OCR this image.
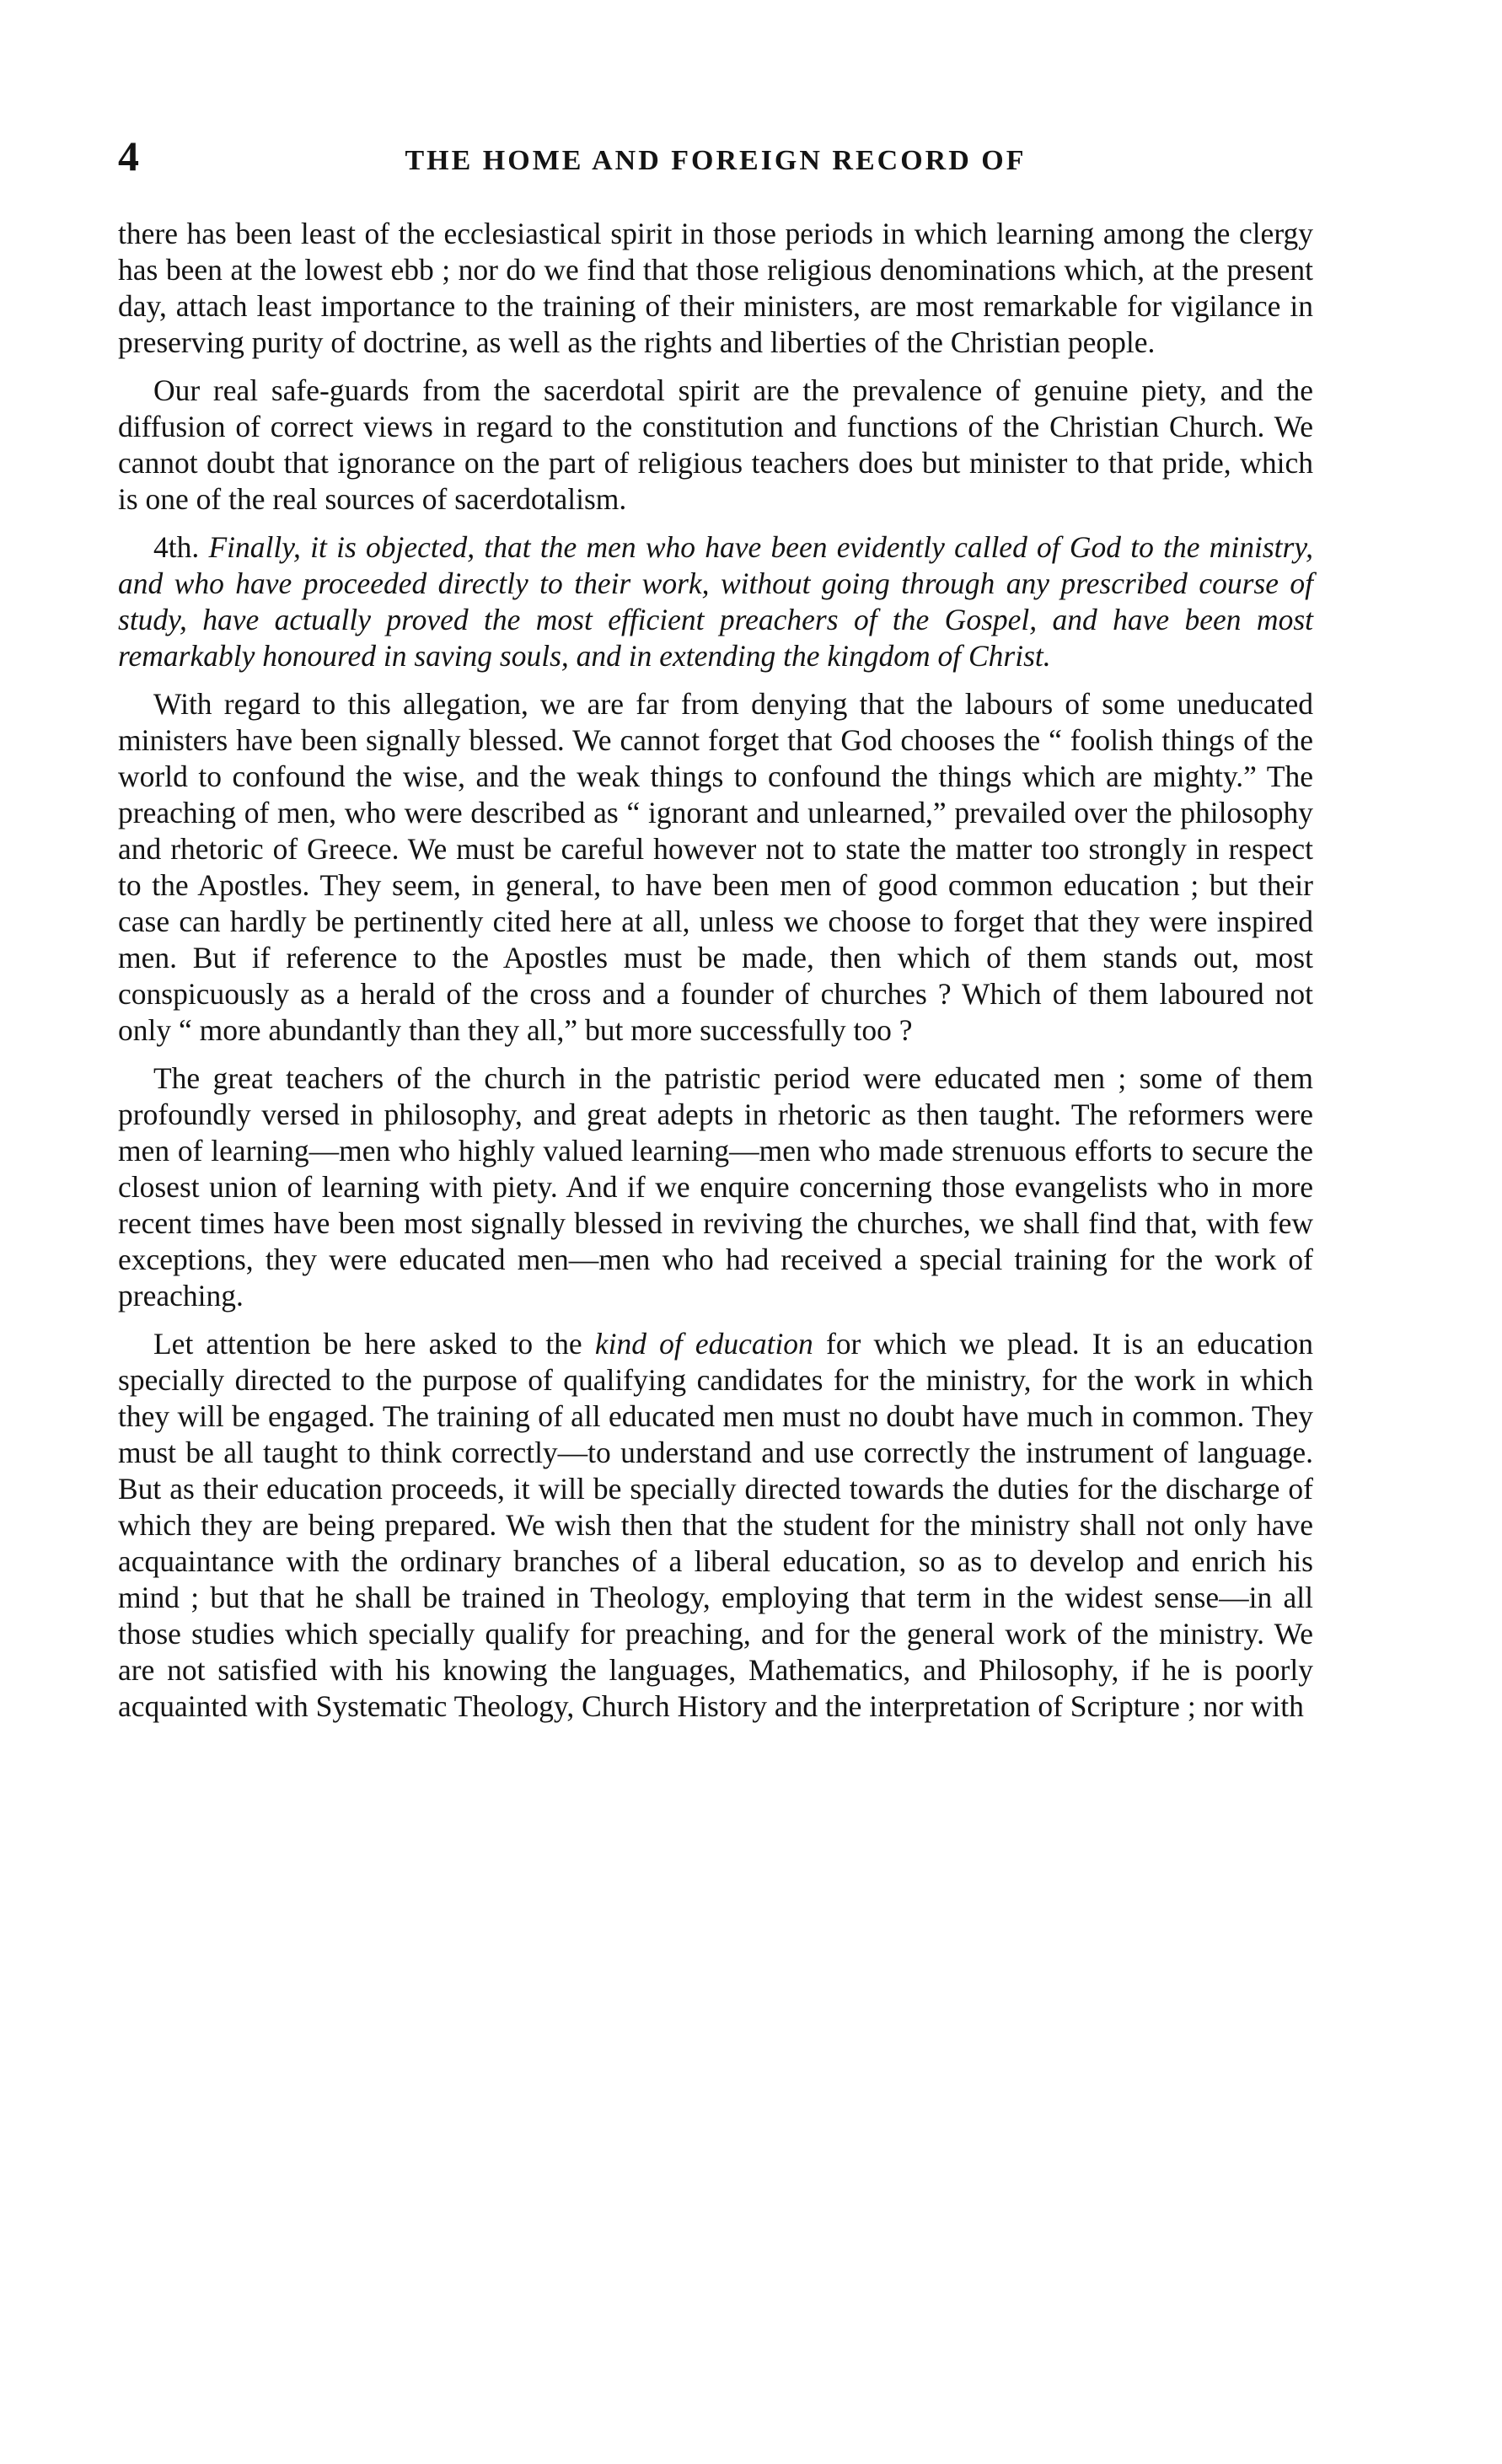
4	THE HOME AND FOREIGN RECORD OF

there has been least of the ecclesiastical spirit in those periods in which learning among the clergy has been at the lowest ebb ; nor do we find that those religious denominations which, at the present day, attach least importance to the training of their ministers, are most remarkable for vigilance in preserving purity of doctrine, as well as the rights and liberties of the Christian people.

Our real safe-guards from the sacerdotal spirit are the prevalence of genuine piety, and the diffusion of correct views in regard to the constitution and functions of the Christian Church. We cannot doubt that ignorance on the part of religious teachers does but minister to that pride, which is one of the real sources of sacerdotalism.

4th. Finally, it is objected, that the men who have been evidently called of God to the ministry, and who have proceeded directly to their work, without going through any prescribed course of study, have actually proved the most efficient preachers of the Gospel, and have been most remarkably honoured in saving souls, and in extending the kingdom of Christ.

With regard to this allegation, we are far from denying that the labours of some uneducated ministers have been signally blessed. We cannot forget that God chooses the “ foolish things of the world to confound the wise, and the weak things to confound the things which are mighty.” The preaching of men, who were described as “ ignorant and unlearned,” prevailed over the philosophy and rhetoric of Greece. We must be careful however not to state the matter too strongly in respect to the Apostles. They seem, in general, to have been men of good common education ; but their case can hardly be pertinently cited here at all, unless we choose to forget that they were inspired men. But if reference to the Apostles must be made, then which of them stands out, most conspicuously as a herald of the cross and a founder of churches ? Which of them laboured not only “ more abundantly than they all,” but more successfully too ?

The great teachers of the church in the patristic period were educated men ; some of them profoundly versed in philosophy, and great adepts in rhetoric as then taught. The reformers were men of learning—men who highly valued learning—men who made strenuous efforts to secure the closest union of learning with piety. And if we enquire concerning those evangelists who in more recent times have been most signally blessed in reviving the churches, we shall find that, with few exceptions, they were educated men—men who had received a special training for the work of preaching.

Let attention be here asked to the kind of education for which we plead. It is an education specially directed to the purpose of qualifying candidates for the ministry, for the work in which they will be engaged. The training of all educated men must no doubt have much in common. They must be all taught to think correctly—to understand and use correctly the instrument of language. But as their education proceeds, it will be specially directed towards the duties for the discharge of which they are being prepared. We wish then that the student for the ministry shall not only have acquaintance with the ordinary branches of a liberal education, so as to develop and enrich his mind ; but that he shall be trained in Theology, employing that term in the widest sense—in all those studies which specially qualify for preaching, and for the general work of the ministry. We are not satisfied with his knowing the languages, Mathematics, and Philosophy, if he is poorly acquainted with Systematic Theology, Church History and the interpretation of Scripture ; nor with
